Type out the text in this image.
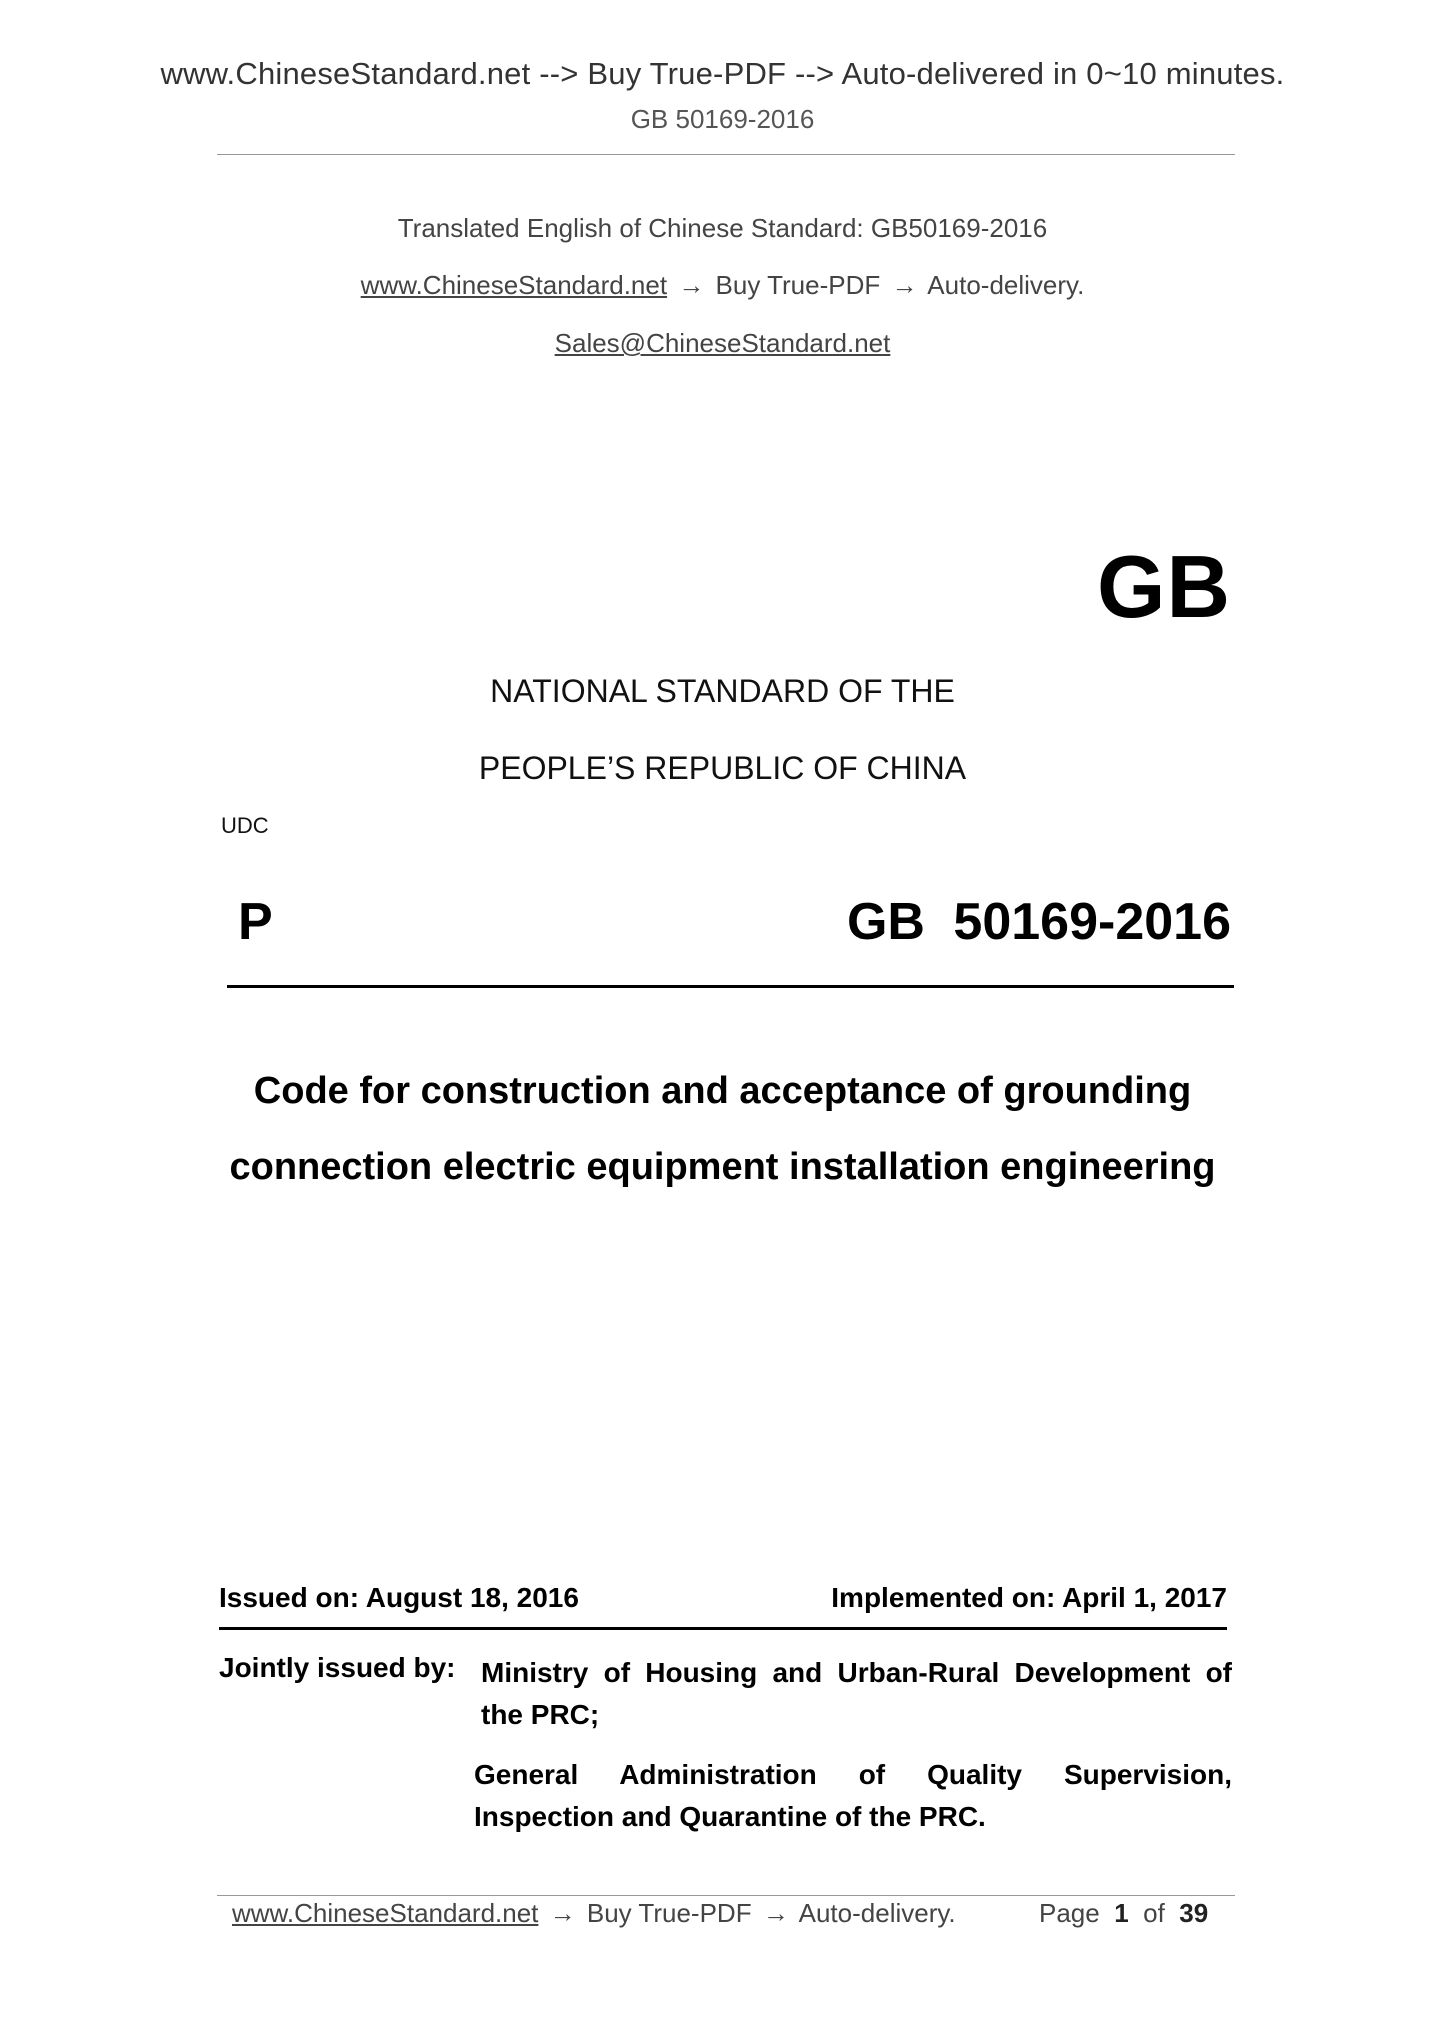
www.ChineseStandard.net --> Buy True-PDF --> Auto-delivered in 0~10 minutes.
GB 50169-2016
Translated English of Chinese Standard: GB50169-2016
www.ChineseStandard.net → Buy True-PDF → Auto-delivery.
Sales@ChineseStandard.net
GB
NATIONAL STANDARD OF THE
PEOPLE’S REPUBLIC OF CHINA
UDC
P	GB 50169-2016
Code for construction and acceptance of grounding
connection electric equipment installation engineering
Issued on: August 18, 2016	Implemented on: April 1, 2017
Jointly issued by: Ministry of Housing and Urban-Rural Development of the PRC;
General Administration of Quality Supervision, Inspection and Quarantine of the PRC.
www.ChineseStandard.net → Buy True-PDF → Auto-delivery.	Page 1 of 39
